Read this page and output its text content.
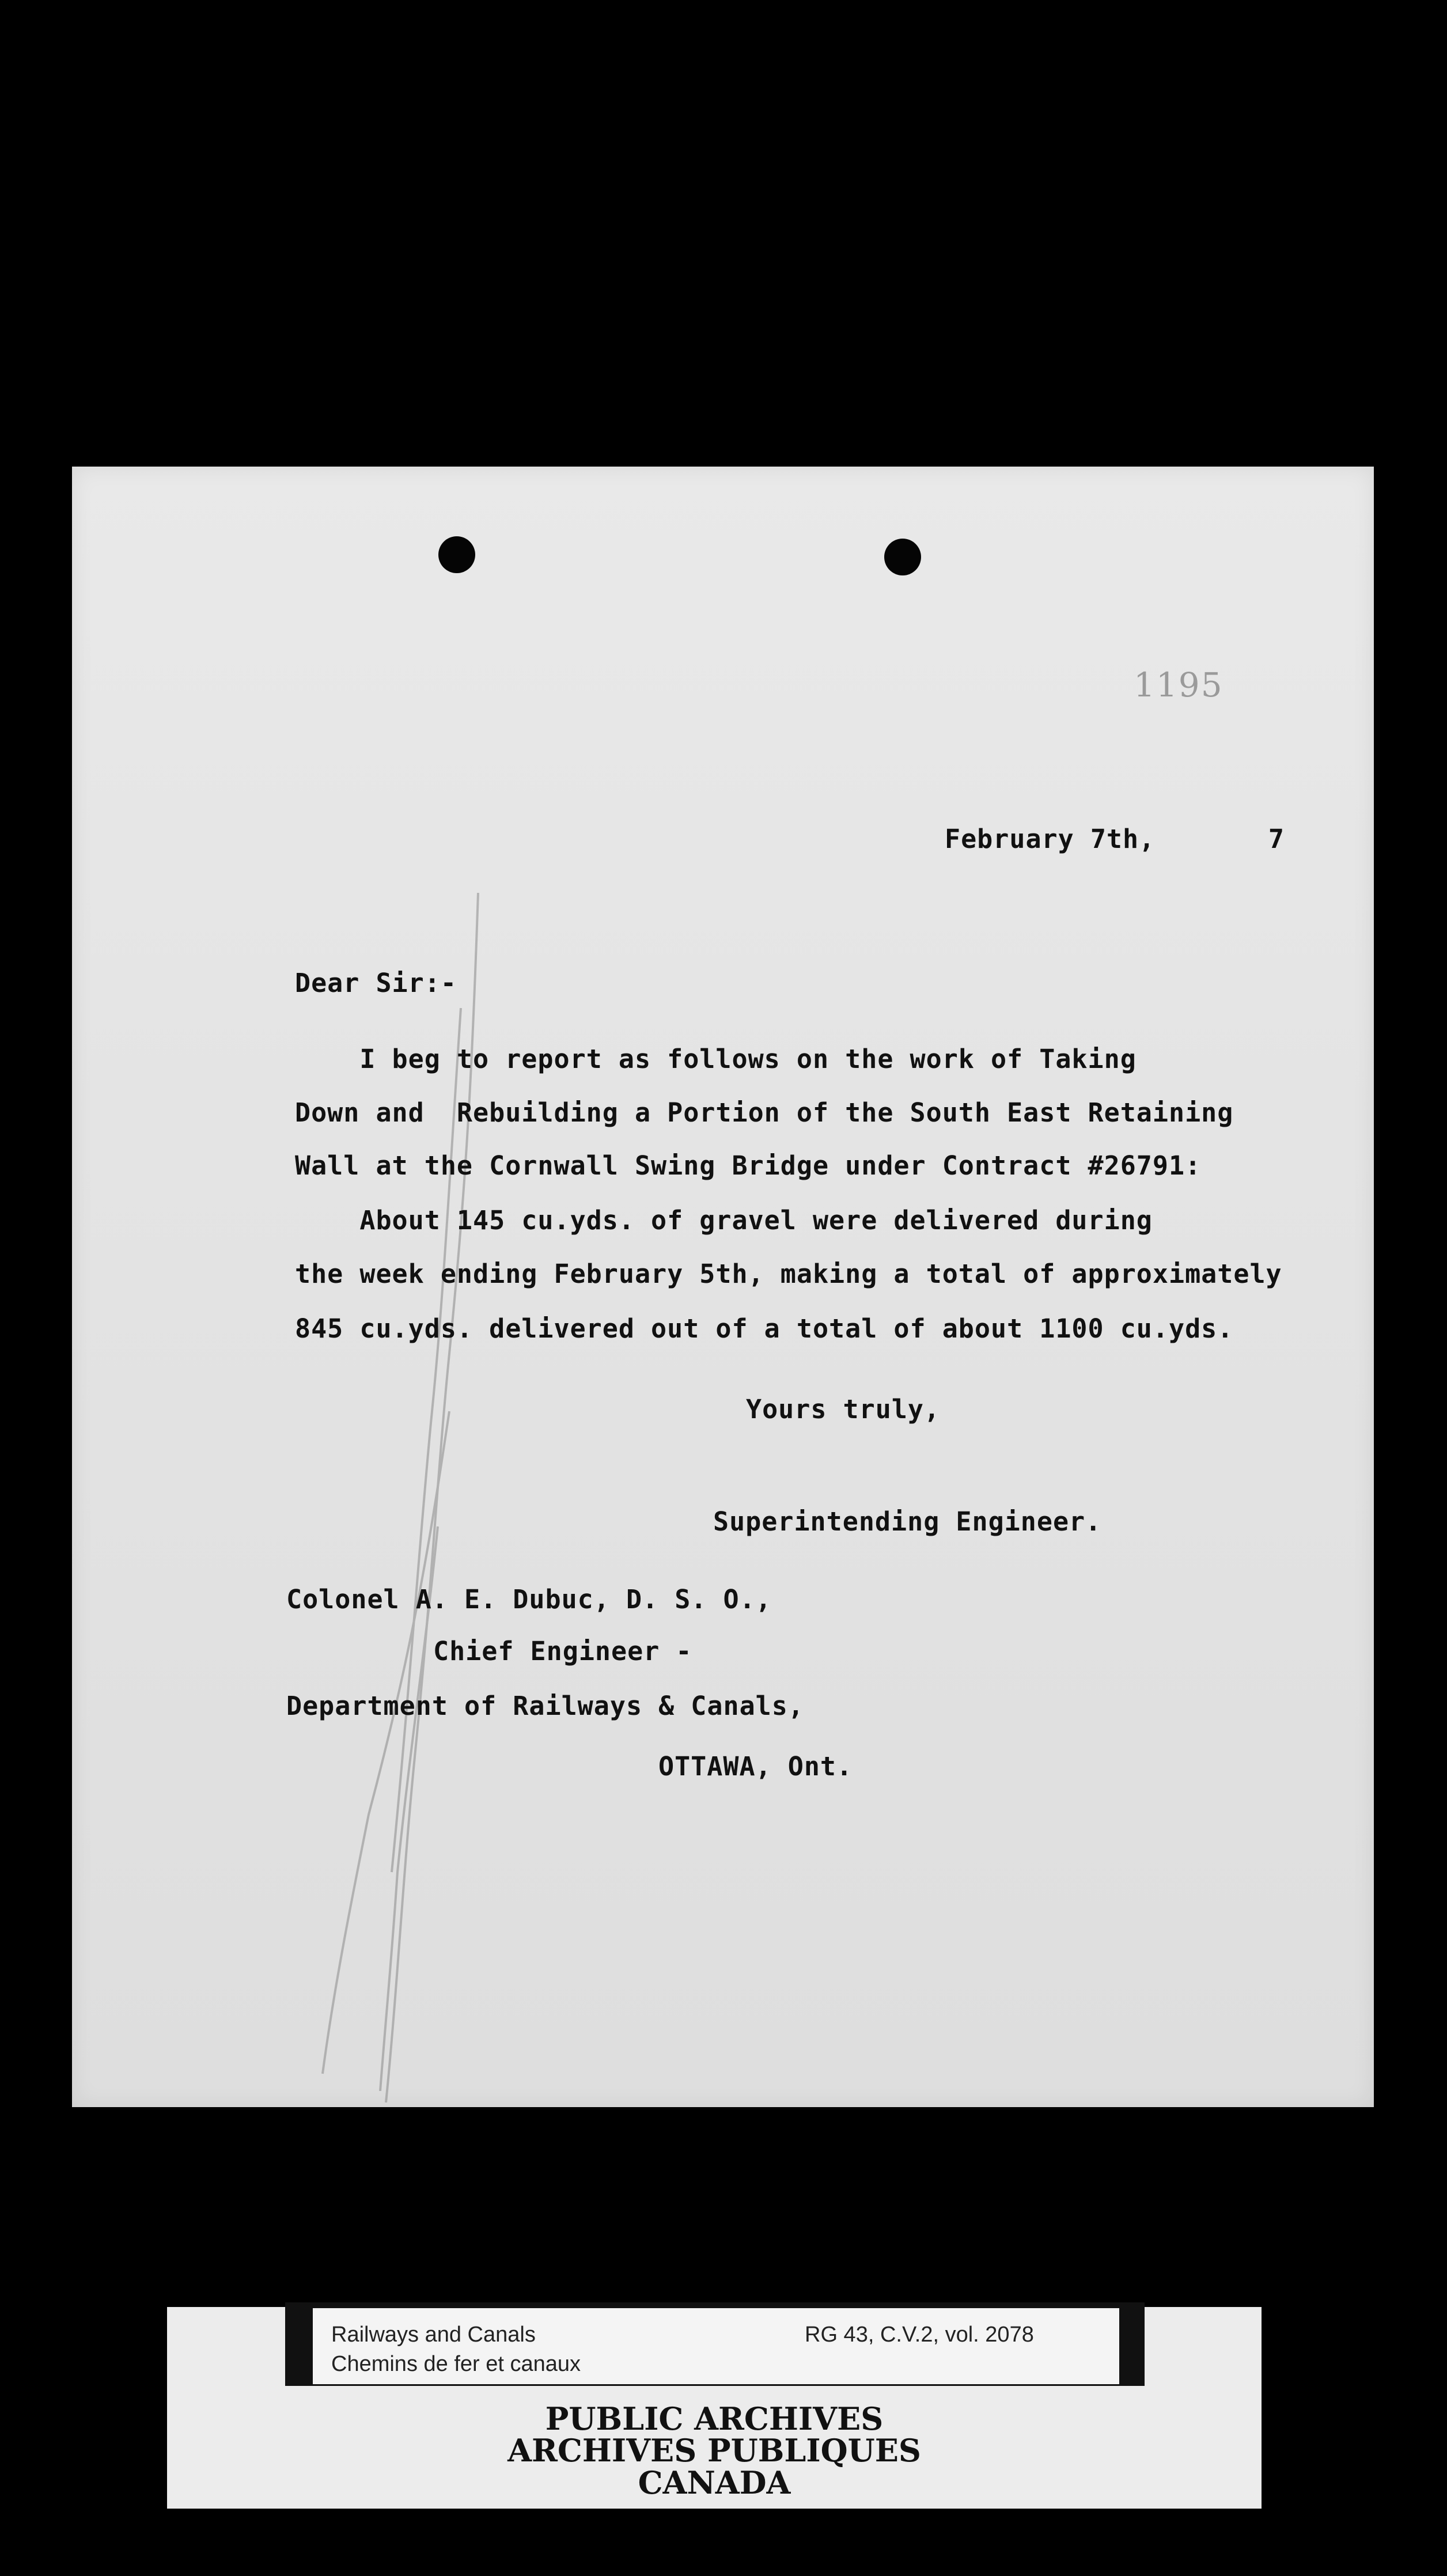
1195
February 7th,       7
Dear Sir:-
I beg to report as follows on the work of Taking
Down and  Rebuilding a Portion of the South East Retaining
Wall at the Cornwall Swing Bridge under Contract #26791:
About 145 cu.yds. of gravel were delivered during
the week ending February 5th, making a total of approximately
845 cu.yds. delivered out of a total of about 1100 cu.yds.
Yours truly,
Superintending Engineer.
Colonel A. E. Dubuc, D. S. O.,
Chief Engineer -
Department of Railways & Canals,
OTTAWA, Ont.
Railways and Canals
Chemins de fer et canaux
RG 43, C.V.2, vol. 2078
PUBLIC ARCHIVES
ARCHIVES PUBLIQUES
CANADA
